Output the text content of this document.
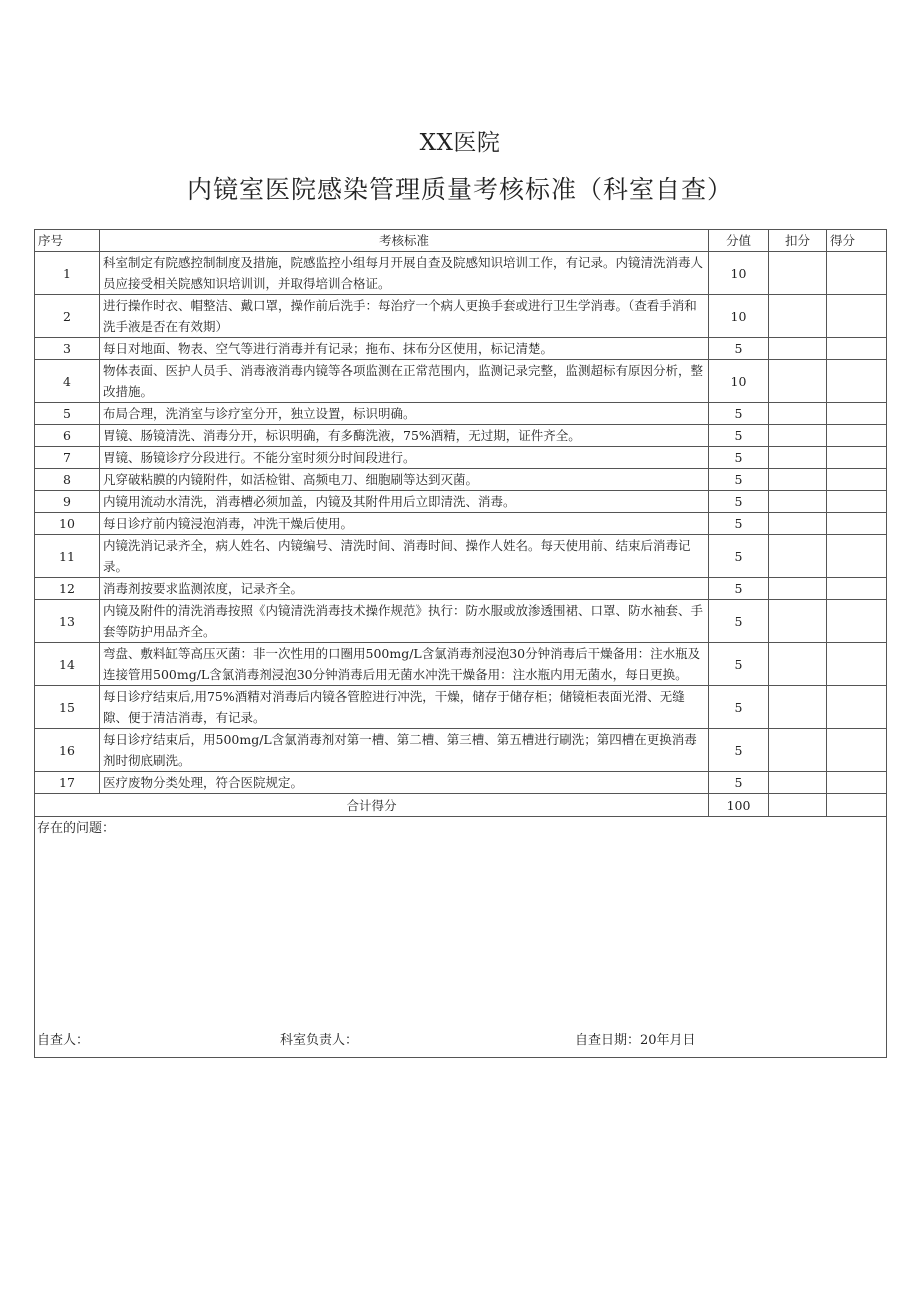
XX医院
内镜室医院感染管理质量考核标准（科室自查）
序号	考核标准	分值	扣分	得分
1	科室制定有院感控制制度及措施，院感监控小组每月开展自查及院感知识培训工作，有记录。内镜清洗消毒人员应接受相关院感知识培训训，并取得培训合格证。	10		
2	进行操作时衣、帽整洁、戴口罩，操作前后洗手：每治疗一个病人更换手套或进行卫生学消毒。（查看手消和洗手液是否在有效期）	10		
3	每日对地面、物表、空气等进行消毒并有记录；拖布、抹布分区使用，标记清楚。	5		
4	物体表面、医护人员手、消毒液消毒内镜等各项监测在正常范围内，监测记录完整，监测超标有原因分析，整改措施。	10		
5	布局合理，洗消室与诊疗室分开，独立设置，标识明确。	5		
6	胃镜、肠镜清洗、消毒分开，标识明确，有多酶洗液，75%酒精，无过期，证件齐全。	5		
7	胃镜、肠镜诊疗分段进行。不能分室时须分时间段进行。	5		
8	凡穿破粘膜的内镜附件，如活检钳、高频电刀、细胞刷等达到灭菌。	5		
9	内镜用流动水清洗，消毒槽必须加盖，内镜及其附件用后立即清洗、消毒。	5		
10	每日诊疗前内镜浸泡消毒，冲洗干燥后使用。	5		
11	内镜洗消记录齐全，病人姓名、内镜编号、清洗时间、消毒时间、操作人姓名。每天使用前、结束后消毒记录。	5		
12	消毒剂按要求监测浓度，记录齐全。	5		
13	内镜及附件的清洗消毒按照《内镜清洗消毒技术操作规范》执行：防水服或放渗透围裙、口罩、防水袖套、手套等防护用品齐全。	5		
14	弯盘、敷料缸等高压灭菌：非一次性用的口圈用500mg/L含氯消毒剂浸泡30分钟消毒后干燥备用：注水瓶及连接管用500mg/L含氯消毒剂浸泡30分钟消毒后用无菌水冲洗干燥备用：注水瓶内用无菌水，每日更换。	5		
15	每日诊疗结束后,用75%酒精对消毒后内镜各管腔进行冲洗，干燥，储存于储存柜；储镜柜表面光滑、无缝隙、便于清洁消毒，有记录。	5		
16	每日诊疗结束后，用500mg/L含氯消毒剂对第一槽、第二槽、第三槽、第五槽进行刷洗；第四槽在更换消毒剂时彻底刷洗。	5		
17	医疗废物分类处理，符合医院规定。	5		
合计得分		100		

存在的问题：
自查人： 科室负责人： 自查日期：20年月日				
